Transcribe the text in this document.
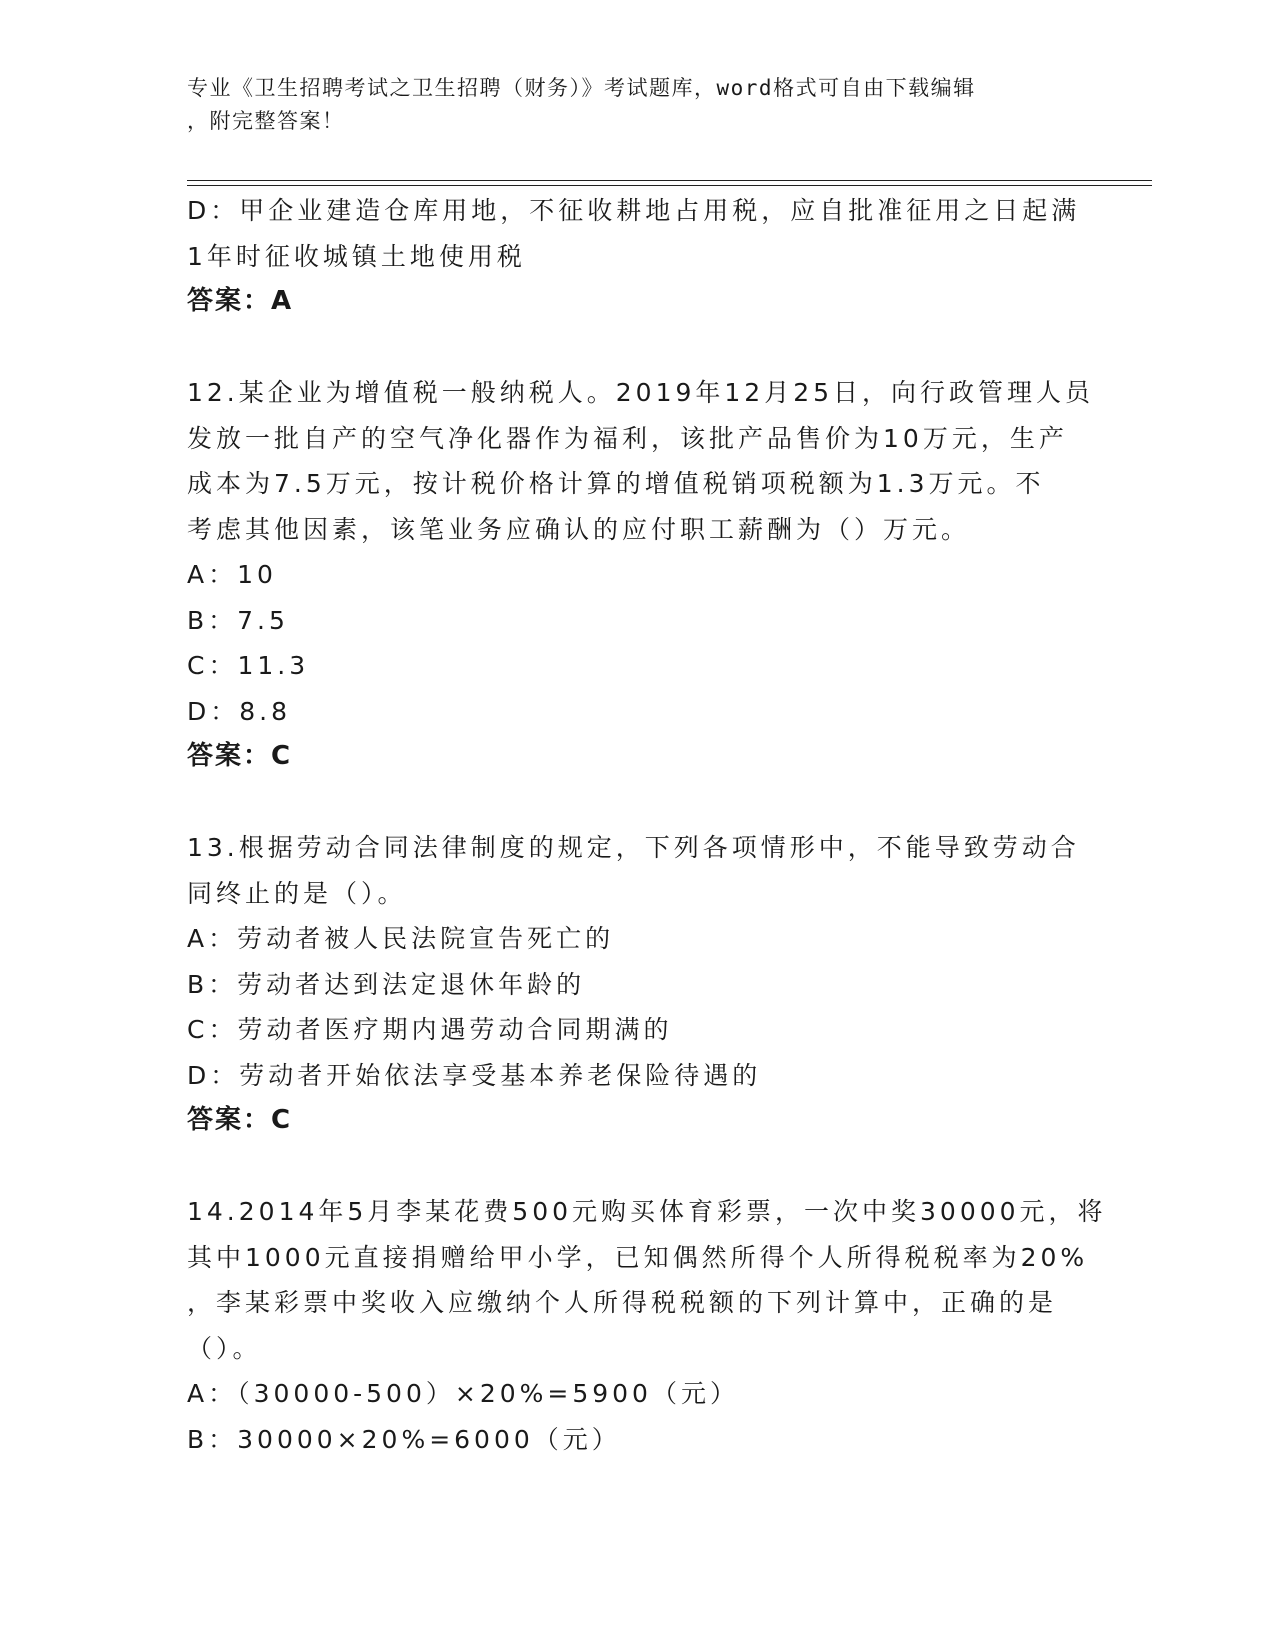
专业《卫生招聘考试之卫生招聘（财务）》考试题库，word格式可自由下载编辑
，附完整答案！
D：甲企业建造仓库用地，不征收耕地占用税，应自批准征用之日起满
1年时征收城镇土地使用税
答案：A
12.某企业为增值税一般纳税人。2019年12月25日，向行政管理人员
发放一批自产的空气净化器作为福利，该批产品售价为10万元，生产
成本为7.5万元，按计税价格计算的增值税销项税额为1.3万元。不
考虑其他因素，该笔业务应确认的应付职工薪酬为（）万元。
A：10
B：7.5
C：11.3
D：8.8
答案：C
13.根据劳动合同法律制度的规定，下列各项情形中，不能导致劳动合
同终止的是（）。
A：劳动者被人民法院宣告死亡的
B：劳动者达到法定退休年龄的
C：劳动者医疗期内遇劳动合同期满的
D：劳动者开始依法享受基本养老保险待遇的
答案：C
14.2014年5月李某花费500元购买体育彩票，一次中奖30000元，将
其中1000元直接捐赠给甲小学，已知偶然所得个人所得税税率为20%
，李某彩票中奖收入应缴纳个人所得税税额的下列计算中，正确的是
（）。
A：（30000-500）×20%=5900（元）
B：30000×20%=6000（元）
